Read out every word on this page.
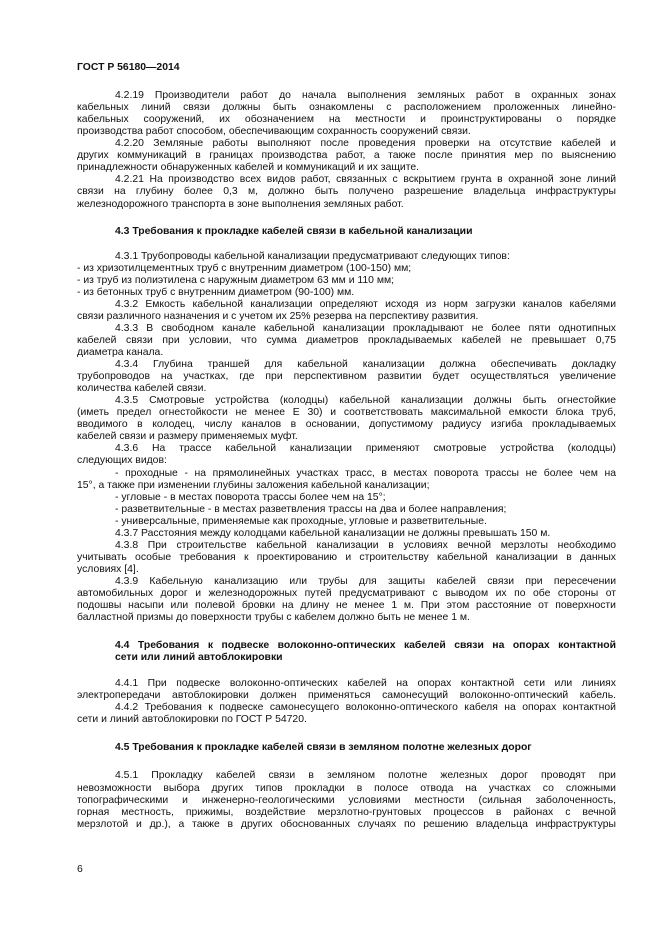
ГОСТ Р 56180—2014
4.2.19 Производители работ до начала выполнения земляных работ в охранных зонах
кабельных линий связи должны быть ознакомлены с расположением проложенных линейно-
кабельных сооружений, их обозначением на местности и проинструктированы о порядке
производства работ способом, обеспечивающим сохранность сооружений связи.
4.2.20 Земляные работы выполняют после проведения проверки на отсутствие кабелей и
других коммуникаций в границах производства работ, а также после принятия мер по выяснению
принадлежности обнаруженных кабелей и коммуникаций и их защите.
4.2.21 На производство всех видов работ, связанных с вскрытием грунта в охранной зоне линий
связи на глубину более 0,3 м, должно быть получено разрешение владельца инфраструктуры
железнодорожного транспорта в зоне выполнения земляных работ.
4.3 Требования к прокладке кабелей связи в кабельной канализации
4.3.1 Трубопроводы кабельной канализации предусматривают следующих типов:
- из хризотилцементных труб с внутренним диаметром (100-150) мм;
- из труб из полиэтилена с наружным диаметром 63 мм и 110 мм;
- из бетонных труб с внутренним диаметром (90-100) мм.
4.3.2 Емкость кабельной канализации определяют исходя из норм загрузки каналов кабелями
связи различного назначения и с учетом их 25% резерва на перспективу развития.
4.3.3 В свободном канале кабельной канализации прокладывают не более пяти однотипных
кабелей связи при условии, что сумма диаметров прокладываемых кабелей не превышает 0,75
диаметра канала.
4.3.4 Глубина траншей для кабельной канализации должна обеспечивать докладку
трубопроводов на участках, где при перспективном развитии будет осуществляться увеличение
количества кабелей связи.
4.3.5 Смотровые устройства (колодцы) кабельной канализации должны быть огнестойкие
(иметь предел огнестойкости не менее Е 30) и соответствовать максимальной емкости блока труб,
вводимого в колодец, числу каналов в основании, допустимому радиусу изгиба прокладываемых
кабелей связи и размеру применяемых муфт.
4.3.6 На трассе кабельной канализации применяют смотровые устройства (колодцы)
следующих видов:
- проходные - на прямолинейных участках трасс, в местах поворота трассы не более чем на
15°, а также при изменении глубины заложения кабельной канализации;
- угловые - в местах поворота трассы более чем на 15°;
- разветвительные - в местах разветвления трассы на два и более направления;
- универсальные, применяемые как проходные, угловые и разветвительные.
4.3.7 Расстояния между колодцами кабельной канализации не должны превышать 150 м.
4.3.8 При строительстве кабельной канализации в условиях вечной мерзлоты необходимо
учитывать особые требования к проектированию и строительству кабельной канализации в данных
условиях [4].
4.3.9 Кабельную канализацию или трубы для защиты кабелей связи при пересечении
автомобильных дорог и железнодорожных путей предусматривают с выводом их по обе стороны от
подошвы насыпи или полевой бровки на длину не менее 1 м. При этом расстояние от поверхности
балластной призмы до поверхности трубы с кабелем должно быть не менее 1 м.
4.4 Требования к подвеске волоконно-оптических кабелей связи на опорах контактной
сети или линий автоблокировки
4.4.1 При подвеске волоконно-оптических кабелей на опорах контактной сети или линиях
электропередачи автоблокировки должен применяться самонесущий волоконно-оптический кабель.
4.4.2 Требования к подвеске самонесущего волоконно-оптического кабеля на опорах контактной
сети и линий автоблокировки по ГОСТ Р 54720.
4.5 Требования к прокладке кабелей связи в земляном полотне железных дорог
4.5.1 Прокладку кабелей связи в земляном полотне железных дорог проводят при
невозможности выбора других типов прокладки в полосе отвода на участках со сложными
топографическими и инженерно-геологическими условиями местности (сильная заболоченность,
горная местность, прижимы, воздействие мерзлотно-грунтовых процессов в районах с вечной
мерзлотой и др.), а также в других обоснованных случаях по решению владельца инфраструктуры
6
